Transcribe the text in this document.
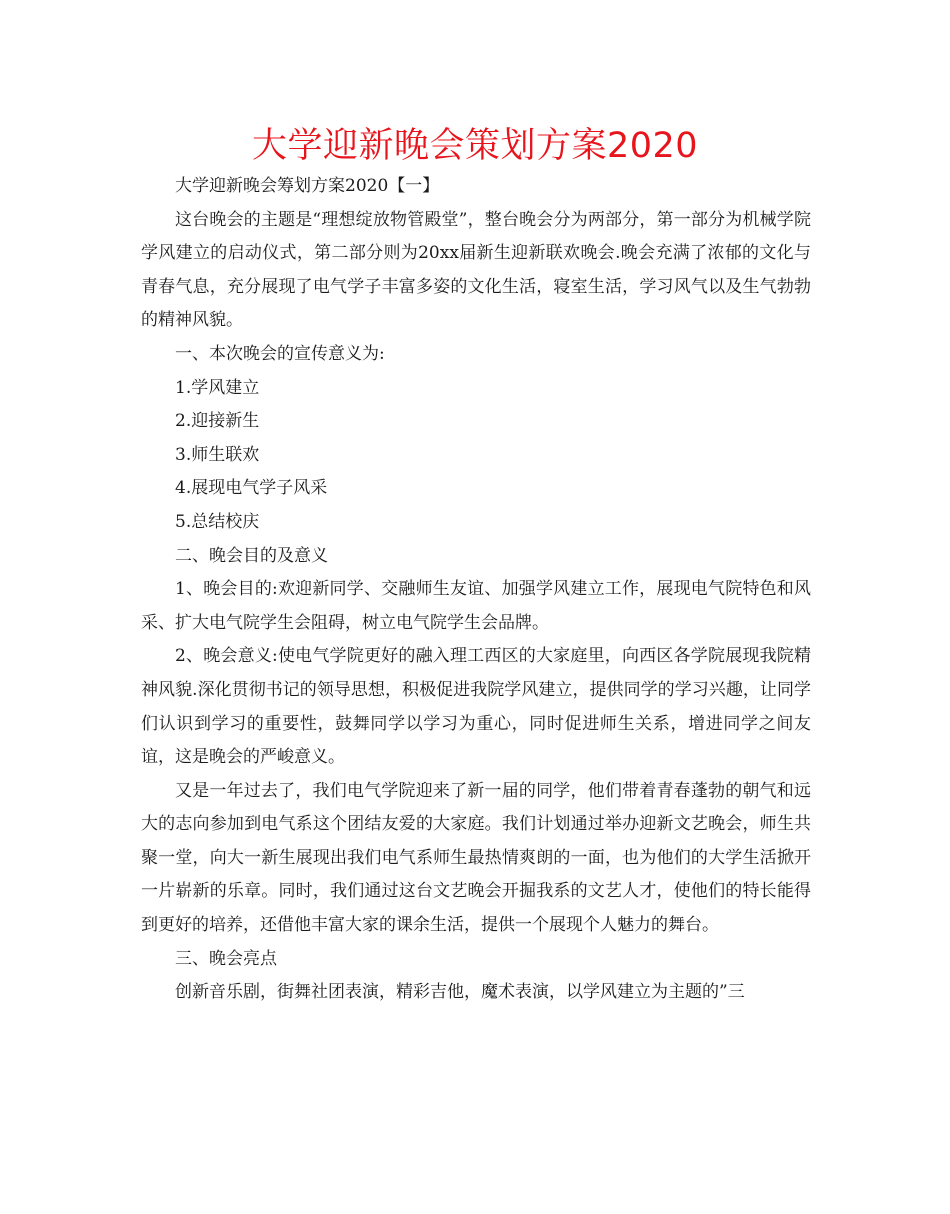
大学迎新晚会策划方案2020

大学迎新晚会筹划方案2020【一】

这台晚会的主题是“理想绽放物管殿堂”，整台晚会分为两部分，第一部分为机械学院学风建立的启动仪式，第二部分则为20xx届新生迎新联欢晚会.晚会充满了浓郁的文化与青春气息，充分展现了电气学子丰富多姿的文化生活，寝室生活，学习风气以及生气勃勃的精神风貌。

一、本次晚会的宣传意义为:

1.学风建立

2.迎接新生

3.师生联欢

4.展现电气学子风采

5.总结校庆

二、晚会目的及意义

1、晚会目的:欢迎新同学、交融师生友谊、加强学风建立工作，展现电气院特色和风采、扩大电气院学生会阻碍，树立电气院学生会品牌。

2、晚会意义:使电气学院更好的融入理工西区的大家庭里，向西区各学院展现我院精神风貌.深化贯彻书记的领导思想，积极促进我院学风建立，提供同学的学习兴趣，让同学们认识到学习的重要性，鼓舞同学以学习为重心，同时促进师生关系，增进同学之间友谊，这是晚会的严峻意义。

又是一年过去了，我们电气学院迎来了新一届的同学，他们带着青春蓬勃的朝气和远大的志向参加到电气系这个团结友爱的大家庭。我们计划通过举办迎新文艺晚会，师生共聚一堂，向大一新生展现出我们电气系师生最热情爽朗的一面，也为他们的大学生活掀开一片崭新的乐章。同时，我们通过这台文艺晚会开掘我系的文艺人才，使他们的特长能得到更好的培养，还借他丰富大家的课余生活，提供一个展现个人魅力的舞台。

三、晚会亮点

创新音乐剧，街舞社团表演，精彩吉他，魔术表演，以学风建立为主题的”三
